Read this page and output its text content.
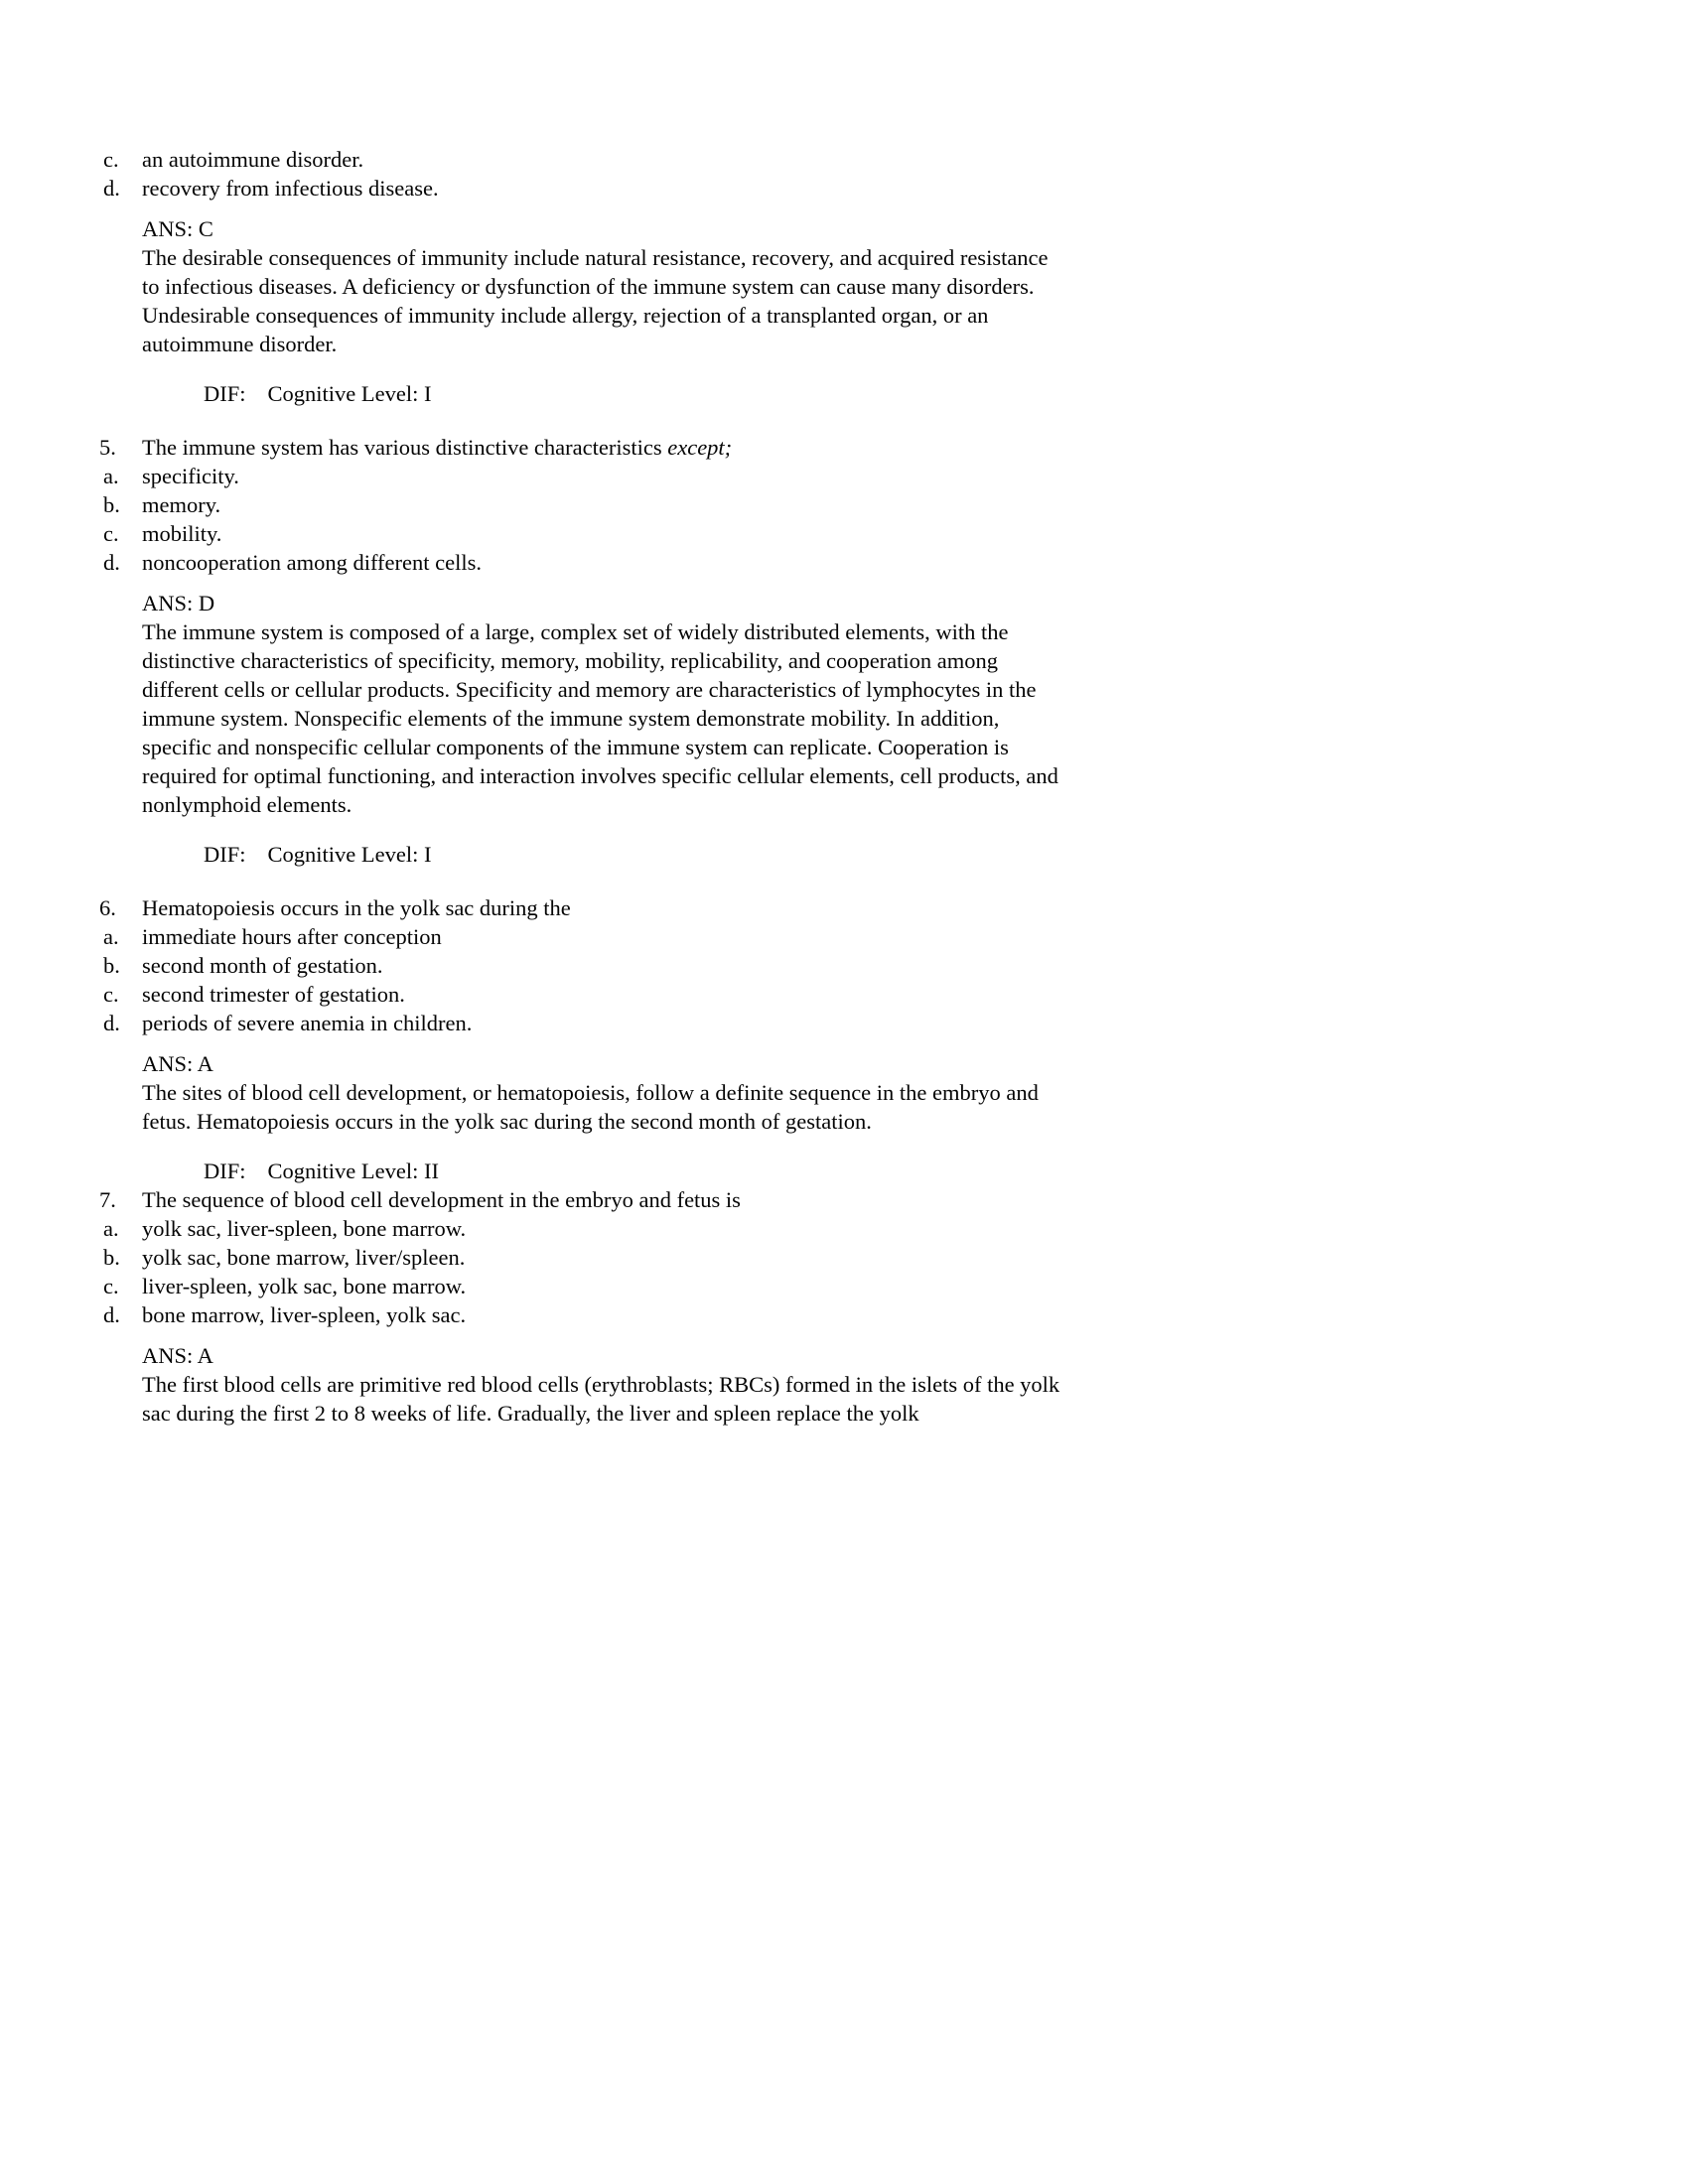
c.	an autoimmune disorder.
d. recovery from infectious disease.
ANS: C
The desirable consequences of immunity include natural resistance, recovery, and acquired resistance to infectious diseases. A deficiency or dysfunction of the immune system can cause many disorders. Undesirable consequences of immunity include allergy, rejection of a transplanted organ, or an autoimmune disorder.
DIF: Cognitive Level: I
5.	The immune system has various distinctive characteristics except;
a.	specificity.
b. memory.
c.	mobility.
d. noncooperation among different cells.
ANS: D
The immune system is composed of a large, complex set of widely distributed elements, with the distinctive characteristics of specificity, memory, mobility, replicability, and cooperation among different cells or cellular products. Specificity and memory are characteristics of lymphocytes in the immune system. Nonspecific elements of the immune system demonstrate mobility. In addition, specific and nonspecific cellular components of the immune system can replicate. Cooperation is required for optimal functioning, and interaction involves specific cellular elements, cell products, and nonlymphoid elements.
DIF: Cognitive Level: I
6.	Hematopoiesis occurs in the yolk sac during the
a.	immediate hours after conception
b. second month of gestation.
c.	second trimester of gestation.
d. periods of severe anemia in children.
ANS: A
The sites of blood cell development, or hematopoiesis, follow a definite sequence in the embryo and fetus. Hematopoiesis occurs in the yolk sac during the second month of gestation.
DIF: Cognitive Level: II
7.	The sequence of blood cell development in the embryo and fetus is
a.	yolk sac, liver-spleen, bone marrow.
b. yolk sac, bone marrow, liver/spleen.
c.	liver-spleen, yolk sac, bone marrow.
d. bone marrow, liver-spleen, yolk sac.
ANS: A
The first blood cells are primitive red blood cells (erythroblasts; RBCs) formed in the islets of the yolk sac during the first 2 to 8 weeks of life. Gradually, the liver and spleen replace the yolk
